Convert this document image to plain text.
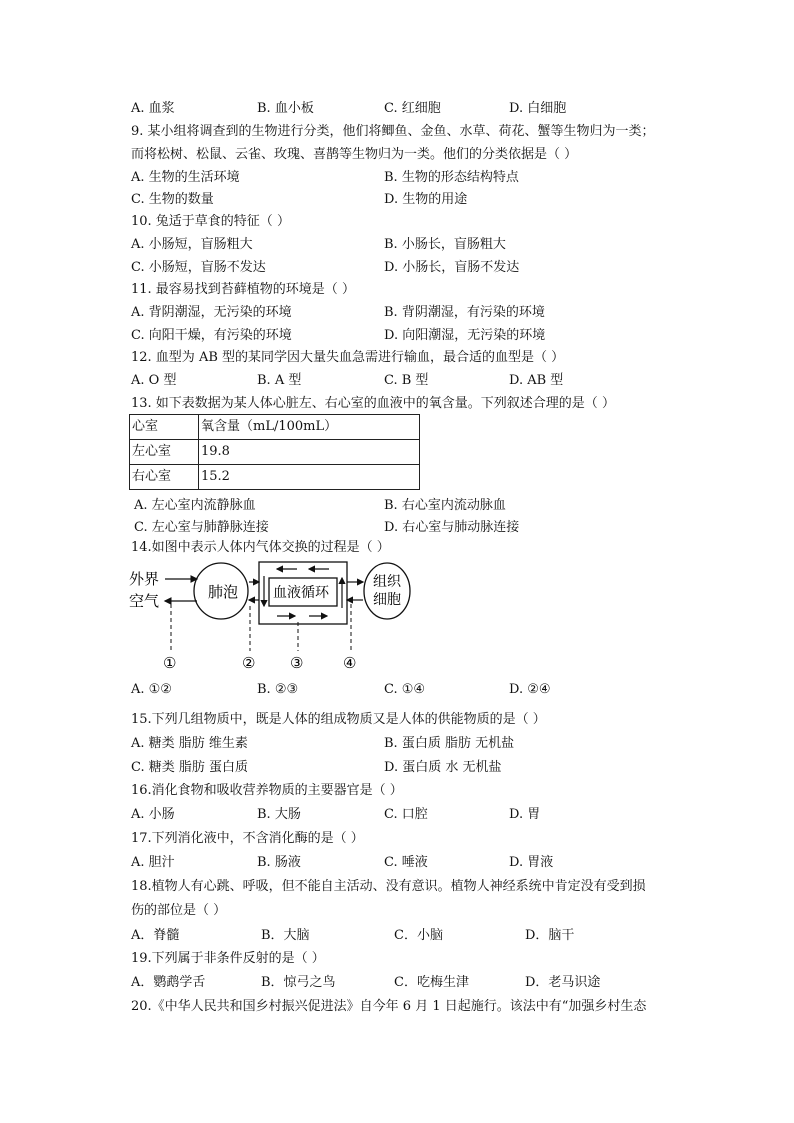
A. 血浆	B. 血小板	C. 红细胞	D. 白细胞
9. 某小组将调查到的生物进行分类，他们将鲫鱼、金鱼、水草、荷花、蟹等生物归为一类；
而将松树、松鼠、云雀、玫瑰、喜鹊等生物归为一类。他们的分类依据是（ ）
A. 生物的生活环境	B. 生物的形态结构特点
C. 生物的数量	D. 生物的用途
10. 兔适于草食的特征（ ）
A. 小肠短，盲肠粗大	B. 小肠长，盲肠粗大
C. 小肠短，盲肠不发达	D. 小肠长，盲肠不发达
11. 最容易找到苔藓植物的环境是（ ）
A. 背阴潮湿，无污染的环境	B. 背阴潮湿，有污染的环境
C. 向阳干燥，有污染的环境	D. 向阳潮湿，无污染的环境
12. 血型为 AB 型的某同学因大量失血急需进行输血，最合适的血型是（ ）
A. O 型	B. A 型	C. B 型	D. AB 型
13. 如下表数据为某人体心脏左、右心室的血液中的氧含量。下列叙述合理的是（ ）
心室	氧含量（mL/100mL）
左心室	19.8
右心室	15.2
A. 左心室内流静脉血	B. 右心室内流动脉血
C. 左心室与肺静脉连接	D. 右心室与肺动脉连接
14.如图中表示人体内气体交换的过程是（ ）
外界
空气	肺泡 血液循环
组织
细胞
①	② ③	④
A. ①②	B. ②③	C. ①④	D. ②④
15.下列几组物质中，既是人体的组成物质又是人体的供能物质的是（ ）
A. 糖类 脂肪 维生素	B. 蛋白质 脂肪 无机盐
C. 糖类 脂肪 蛋白质	D. 蛋白质 水 无机盐
16.消化食物和吸收营养物质的主要器官是（ ）
A. 小肠	B. 大肠	C. 口腔	D. 胃
17.下列消化液中，不含消化酶的是（ ）
A. 胆汁	B. 肠液	C. 唾液	D. 胃液
18.植物人有心跳、呼吸，但不能自主活动、没有意识。植物人神经系统中肯定没有受到损
伤的部位是（ ）
A．脊髓	B．大脑	C．小脑	D．脑干
19.下列属于非条件反射的是（ ）
A．鹦鹉学舌	B．惊弓之鸟	C．吃梅生津	D．老马识途
20.《中华人民共和国乡村振兴促进法》自今年 6 月 1 日起施行。该法中有“加强乡村生态
